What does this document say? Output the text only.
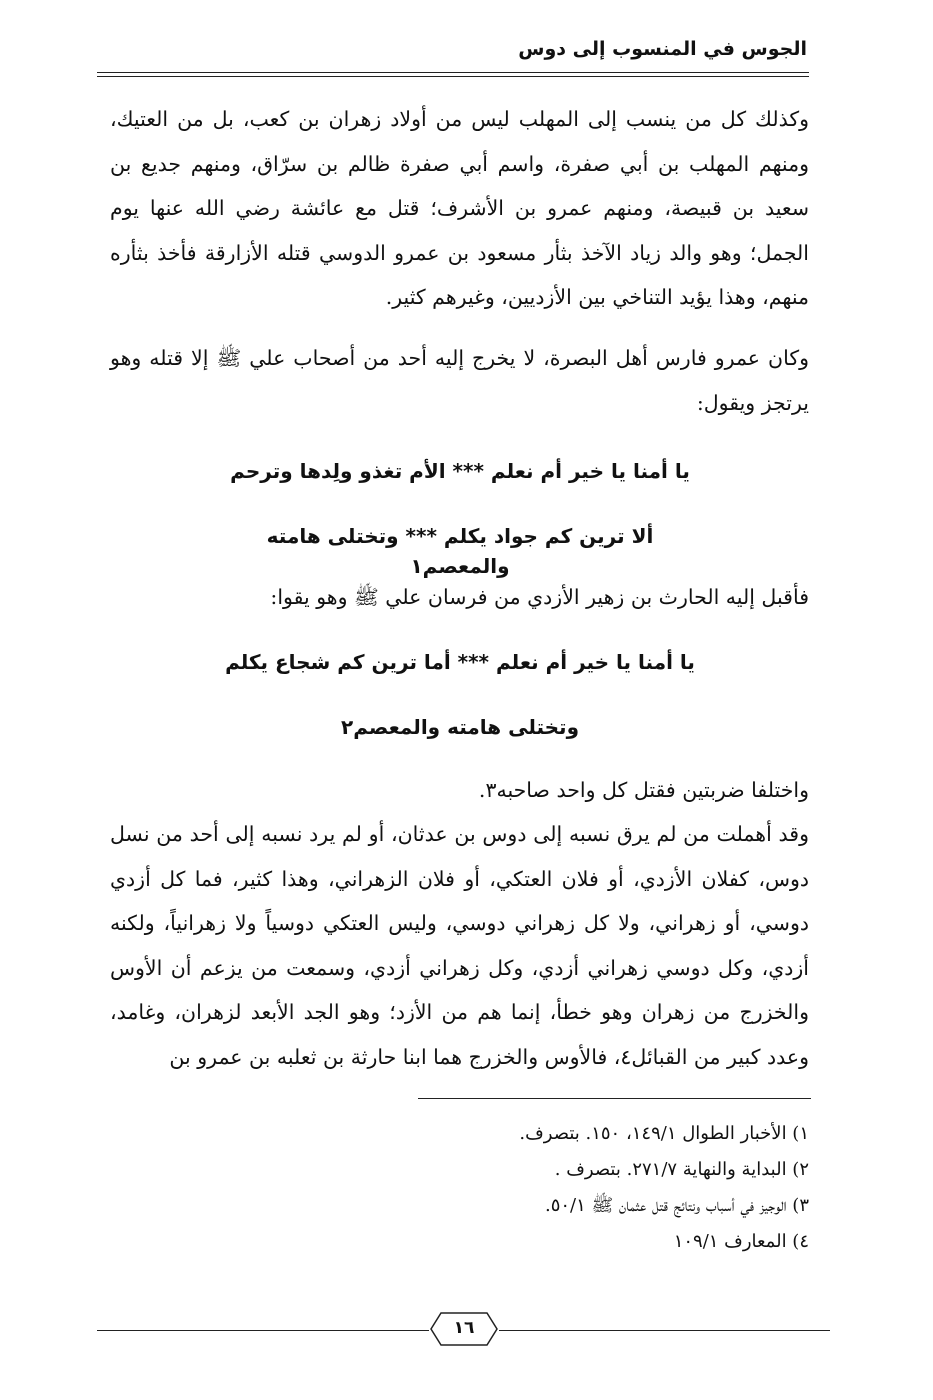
الجوس في المنسوب إلى دوس

وكذلك كل من ينسب إلى المهلب ليس من أولاد زهران بن كعب، بل من العتيك، ومنهم المهلب بن أبي صفرة، واسم أبي صفرة ظالم بن سرّاق، ومنهم جديع بن سعيد بن قبيصة، ومنهم عمرو بن الأشرف؛ قتل مع عائشة رضي الله عنها يوم الجمل؛ وهو والد زياد الآخذ بثأر مسعود بن عمرو الدوسي قتله الأزارقة فأخذ بثأره منهم، وهذا يؤيد التناخي بين الأزديين، وغيرهم كثير.

وكان عمرو فارس أهل البصرة، لا يخرج إليه أحد من أصحاب علي ﷺ إلا قتله وهو يرتجز ويقول:

يا أمنا يا خير أم نعلم *** الأم تغذو ولِدها وترحم

ألا ترين كم جواد يكلم *** وتختلى هامته والمعصم١

فأقبل إليه الحارث بن زهير الأزدي من فرسان علي ﷺ وهو يقوا:

يا أمنا يا خير أم نعلم *** أما ترين كم شجاع يكلم

وتختلى هامته والمعصم٢

واختلفا ضربتين فقتل كل واحد صاحبه٣.

وقد أهملت من لم يرق نسبه إلى دوس بن عدثان، أو لم يرد نسبه إلى أحد من نسل دوس، كفلان الأزدي، أو فلان العتكي، أو فلان الزهراني، وهذا كثير، فما كل أزدي دوسي، أو زهراني، ولا كل زهراني دوسي، وليس العتكي دوسياً ولا زهرانياً، ولكنه أزدي، وكل دوسي زهراني أزدي، وكل زهراني أزدي، وسمعت من يزعم أن الأوس والخزرج من زهران وهو خطأ، إنما هم من الأزد؛ وهو الجد الأبعد لزهران، وغامد، وعدد كبير من القبائل٤، فالأوس والخزرج هما ابنا حارثة بن ثعلبه بن عمرو بن

١) الأخبار الطوال ١٤٩/١، ١٥٠. بتصرف.

٢) البداية والنهاية ٢٧١/٧. بتصرف .

٣) الوجيز في أسباب ونتائج قتل عثمان ﷺ ٥٠/١.

٤) المعارف ١٠٩/١

١٦
